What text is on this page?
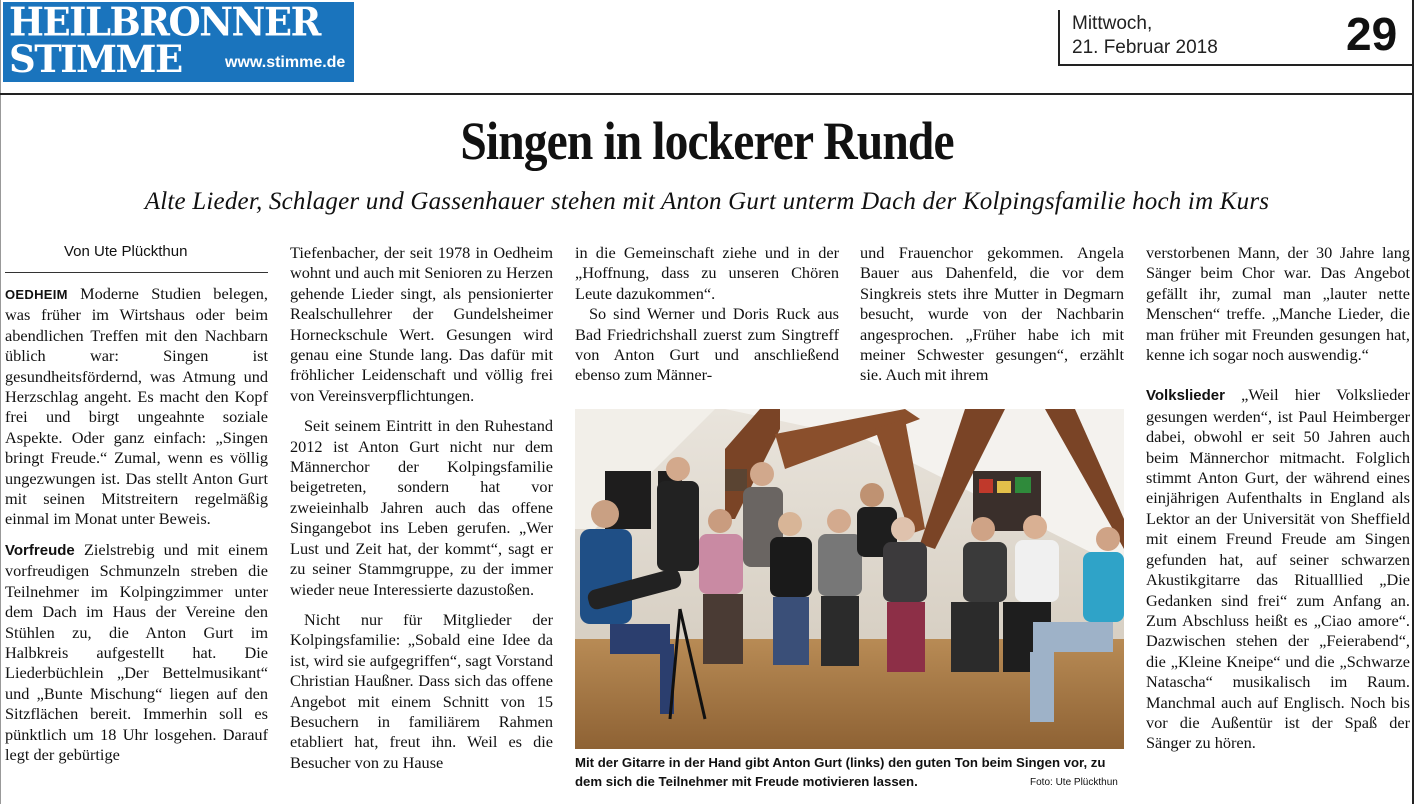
HEILBRONNER
STIMME	www.stimme.de
Mittwoch,
21. Februar 2018	29
Singen in lockerer Runde
Alte Lieder, Schlager und Gassenhauer stehen mit Anton Gurt unterm Dach der Kolpingsfamilie hoch im Kurs
Von Ute Plückthun

OEDHEIM Moderne Studien belegen, was früher im Wirtshaus oder beim abendlichen Treffen mit den Nachbarn üblich war: Singen ist gesundheitsfördernd, was Atmung und Herzschlag angeht. Es macht den Kopf frei und birgt ungeahnte soziale Aspekte. Oder ganz einfach: „Singen bringt Freude.“ Zumal, wenn es völlig ungezwungen ist. Das stellt Anton Gurt mit seinen Mitstreitern regelmäßig einmal im Monat unter Beweis.

Vorfreude Zielstrebig und mit einem vorfreudigen Schmunzeln streben die Teilnehmer im Kolpingzimmer unter dem Dach im Haus der Vereine den Stühlen zu, die Anton Gurt im Halbkreis aufgestellt hat. Die Liederbüchlein „Der Bettelmusikant“ und „Bunte Mischung“ liegen auf den Sitzflächen bereit. Immerhin soll es pünktlich um 18 Uhr losgehen. Darauf legt der gebürtige

Tiefenbacher, der seit 1978 in Oedheim wohnt und auch mit Senioren zu Herzen gehende Lieder singt, als pensionierter Realschullehrer der Gundelsheimer Horneckschule Wert. Gesungen wird genau eine Stunde lang. Das dafür mit fröhlicher Leidenschaft und völlig frei von Vereinsverpflichtungen.

Seit seinem Eintritt in den Ruhestand 2012 ist Anton Gurt nicht nur dem Männerchor der Kolpingsfamilie beigetreten, sondern hat vor zweieinhalb Jahren auch das offene Singangebot ins Leben gerufen. „Wer Lust und Zeit hat, der kommt“, sagt er zu seiner Stammgruppe, zu der immer wieder neue Interessierte dazustoßen.

Nicht nur für Mitglieder der Kolpingsfamilie: „Sobald eine Idee da ist, wird sie aufgegriffen“, sagt Vorstand Christian Haußner. Dass sich das offene Angebot mit einem Schnitt von 15 Besuchern in familiärem Rahmen etabliert hat, freut ihn. Weil es die Besucher von zu Hause

in die Gemeinschaft ziehe und in der „Hoffnung, dass zu unseren Chören Leute dazukommen“.

So sind Werner und Doris Ruck aus Bad Friedrichshall zuerst zum Singtreff von Anton Gurt und anschließend ebenso zum Männer-

und Frauenchor gekommen. Angela Bauer aus Dahenfeld, die vor dem Singkreis stets ihre Mutter in Degmarn besucht, wurde von der Nachbarin angesprochen. „Früher habe ich mit meiner Schwester gesungen“, erzählt sie. Auch mit ihrem

verstorbenen Mann, der 30 Jahre lang Sänger beim Chor war. Das Angebot gefällt ihr, zumal man „lauter nette Menschen“ treffe. „Manche Lieder, die man früher mit Freunden gesungen hat, kenne ich sogar noch auswendig.“

Volkslieder „Weil hier Volkslieder gesungen werden“, ist Paul Heimberger dabei, obwohl er seit 50 Jahren auch beim Männerchor mitmacht. Folglich stimmt Anton Gurt, der während eines einjährigen Aufenthalts in England als Lektor an der Universität von Sheffield mit einem Freund Freude am Singen gefunden hat, auf seiner schwarzen Akustikgitarre das Ritualllied „Die Gedanken sind frei“ zum Anfang an. Zum Abschluss heißt es „Ciao amore“. Dazwischen stehen der „Feierabend“, die „Kleine Kneipe“ und die „Schwarze Natascha“ musikalisch im Raum. Manchmal auch auf Englisch. Noch bis vor die Außentür ist der Spaß der Sänger zu hören.

Mit der Gitarre in der Hand gibt Anton Gurt (links) den guten Ton beim Singen vor, zu dem sich die Teilnehmer mit Freude motivieren lassen.	Foto: Ute Plückthun
